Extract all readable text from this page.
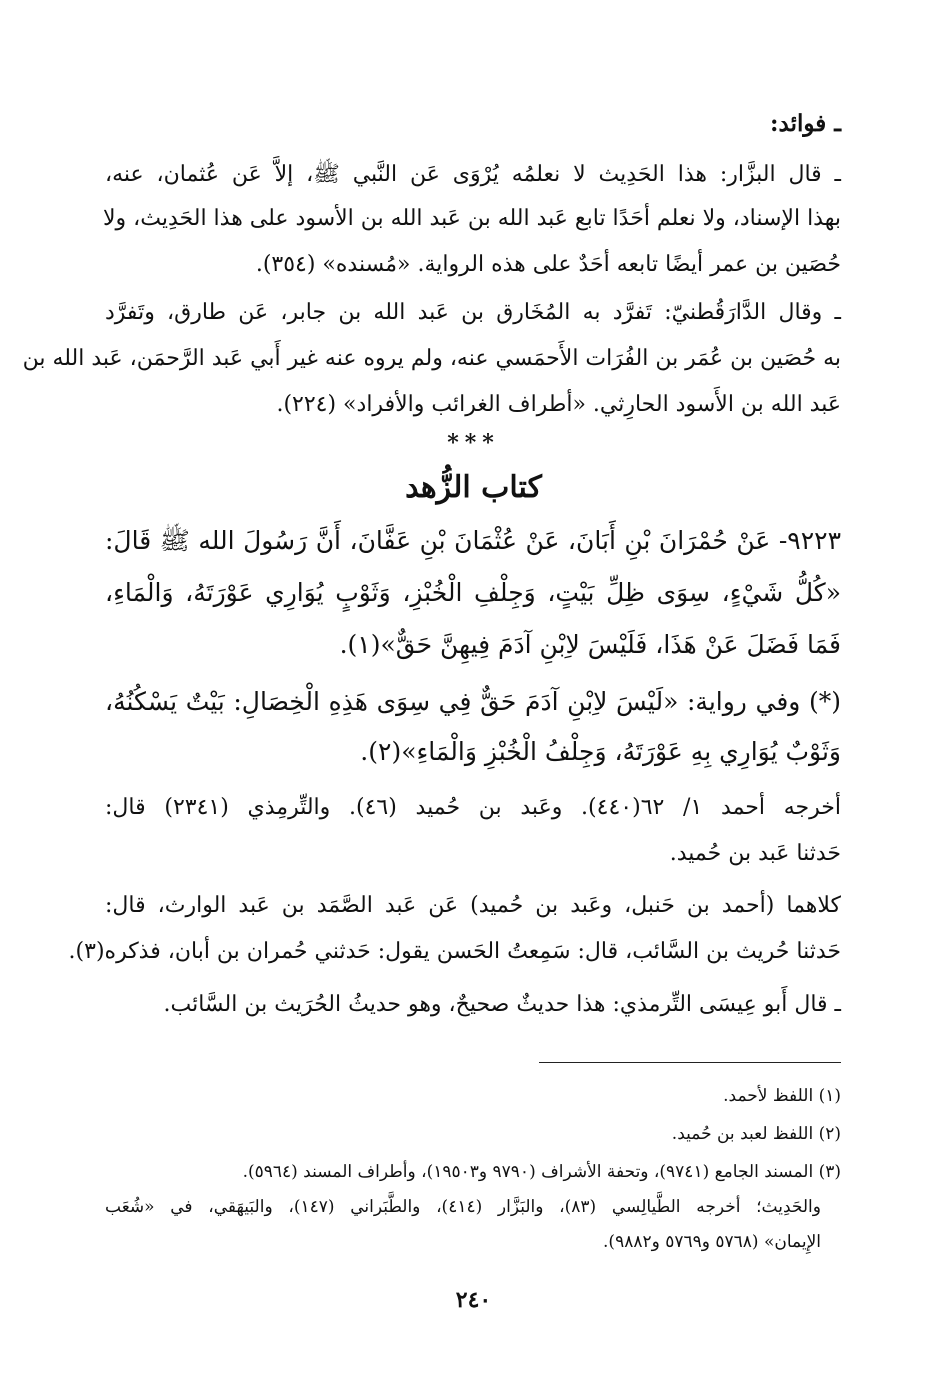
ـ فوائد:
ـ قال البزَّار: هذا الحَدِيث لا نعلمُه يُرْوَى عَن النَّبي ﷺ، إلاَّ عَن عُثمان، عنه،
بهذا الإسناد، ولا نعلم أحَدًا تابع عَبد الله بن عَبد الله بن الأسود على هذا الحَدِيث، ولا
حُصَين بن عمر أيضًا تابعه أحَدٌ على هذه الرواية. «مُسنده» (٣٥٤).
ـ وقال الدَّارَقُطنيّ: تَفرَّد به المُخَارق بن عَبد الله بن جابر، عَن طارق، وتَفرَّد
به حُصَين بن عُمَر بن الفُرَات الأَحمَسي عنه، ولم يروه عنه غير أَبي عَبد الرَّحمَن، عَبد الله بن
عَبد الله بن الأَسود الحارِثي. «أطراف الغرائب والأفراد» (٢٢٤).
***
كتاب الزُّهد
٩٢٢٣- عَنْ حُمْرَانَ بْنِ أَبَانَ، عَنْ عُثْمَانَ بْنِ عَفَّانَ، أَنَّ رَسُولَ الله ﷺ قَالَ:
«كُلُّ شَيْءٍ، سِوَى ظِلِّ بَيْتٍ، وَجِلْفِ الْخُبْزِ، وَثَوْبٍ يُوَارِي عَوْرَتَهُ، وَالْمَاءِ،
فَمَا فَضَلَ عَنْ هَذَا، فَلَيْسَ لاِبْنِ آدَمَ فِيهِنَّ حَقٌّ»(١).
(*) وفي رواية: «لَيْسَ لاِبْنِ آدَمَ حَقٌّ فِي سِوَى هَذِهِ الْخِصَالِ: بَيْتٌ يَسْكُنُهُ،
وَثَوْبٌ يُوَارِي بِهِ عَوْرَتَهُ، وَجِلْفُ الْخُبْزِ وَالْمَاءِ»(٢).
أخرجه أحمد ١/ ٦٢(٤٤٠). وعَبد بن حُميد (٤٦). والتِّرمِذي (٢٣٤١) قال:
حَدثنا عَبد بن حُميد.
كلاهما (أحمد بن حَنبل، وعَبد بن حُميد) عَن عَبد الصَّمَد بن عَبد الوارث، قال:
حَدثنا حُريث بن السَّائب، قال: سَمِعتُ الحَسن يقول: حَدثني حُمران بن أبان، فذكره(٣).
ـ قال أَبو عِيسَى التِّرمذي: هذا حديثٌ صحيحٌ، وهو حديثُ الحُرَيث بن السَّائب.
(١) اللفظ لأحمد.
(٢) اللفظ لعبد بن حُميد.
(٣) المسند الجامع (٩٧٤١)، وتحفة الأشراف (٩٧٩٠ و١٩٥٠٣)، وأطراف المسند (٥٩٦٤).
والحَدِيث؛ أخرجه الطَّيالِسي (٨٣)، والبَزَّار (٤١٤)، والطَّبَراني (١٤٧)، والبَيهَقي، في «شُعَب
الإِيمان» (٥٧٦٨ و٥٧٦٩ و٩٨٨٢).
٢٤٠
